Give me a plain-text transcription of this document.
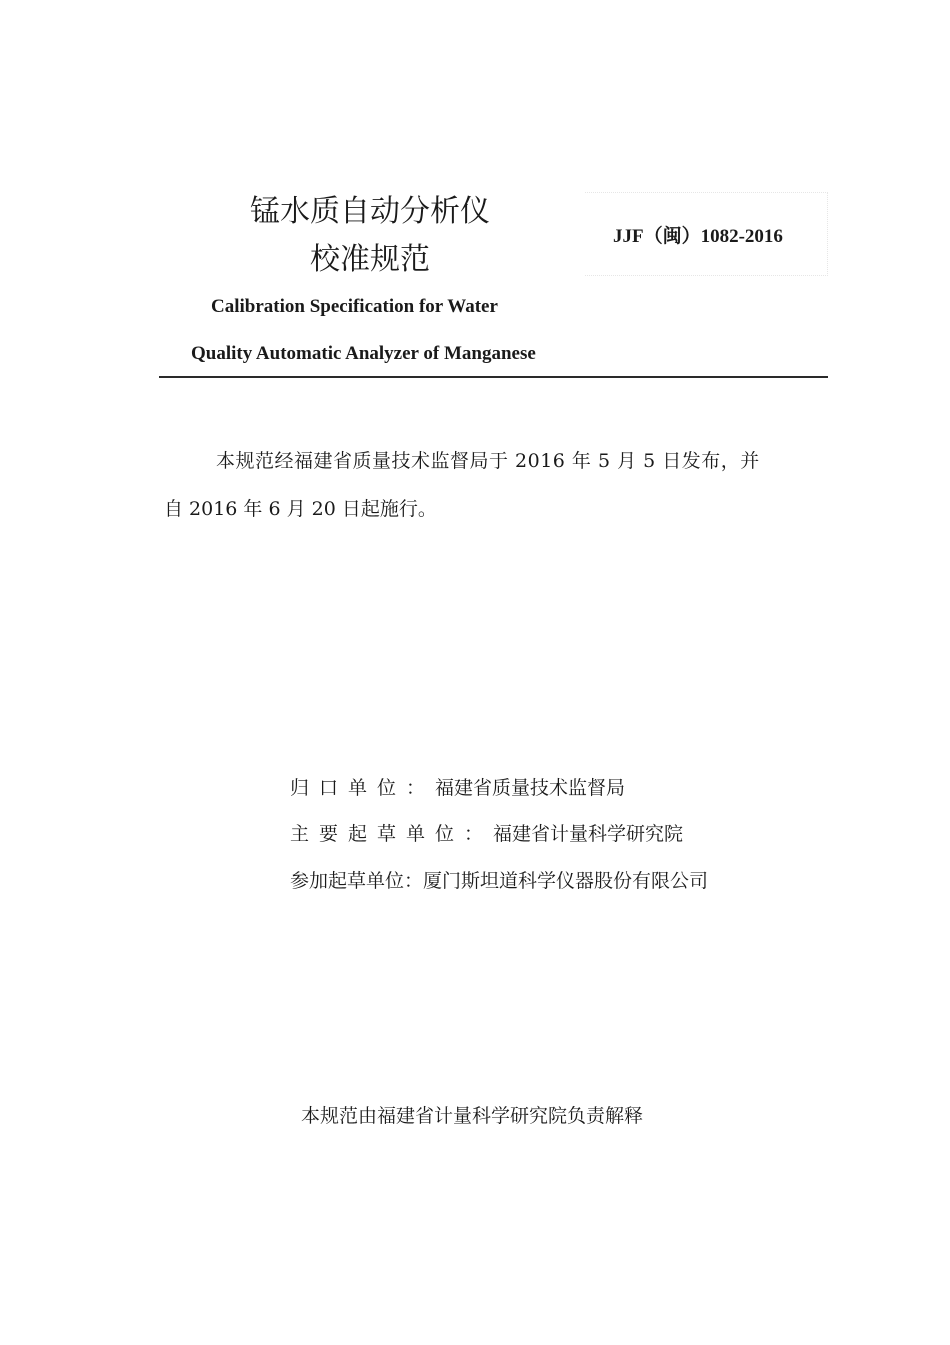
锰水质自动分析仪
校准规范
Calibration Specification for Water
Quality Automatic Analyzer of Manganese
JJF（闽）1082-2016
本规范经福建省质量技术监督局于 2016 年 5 月 5 日发布，并
自 2016 年 6 月 20 日起施行。
归口单位：福建省质量技术监督局
主要起草单位：福建省计量科学研究院
参加起草单位：厦门斯坦道科学仪器股份有限公司
本规范由福建省计量科学研究院负责解释
